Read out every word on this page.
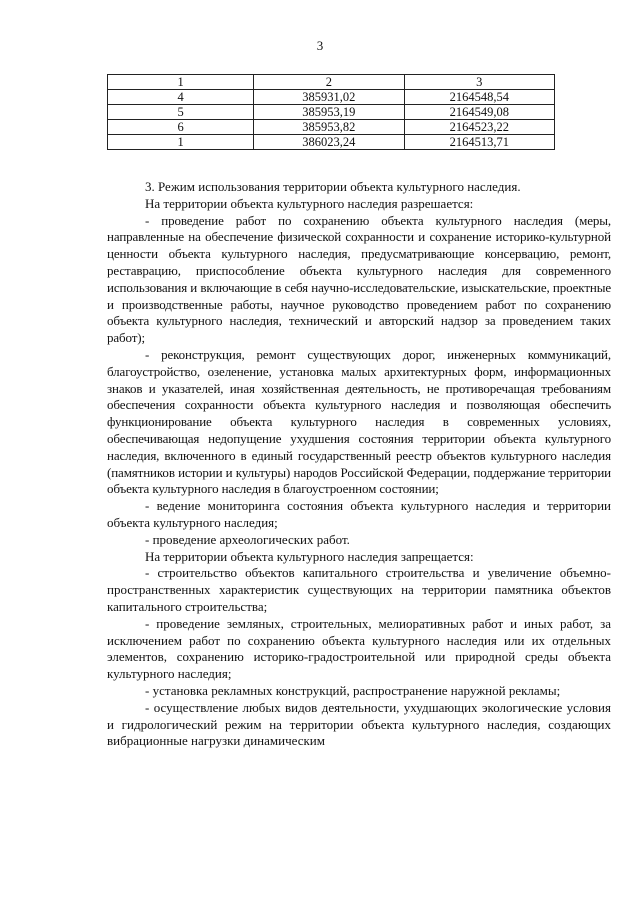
3
1	2	3
4	385931,02	2164548,54
5	385953,19	2164549,08
6	385953,82	2164523,22
1	386023,24	2164513,71

3. Режим использования территории объекта культурного наследия.

На территории объекта культурного наследия разрешается:

- проведение работ по сохранению объекта культурного наследия (меры, направленные на обеспечение физической сохранности и сохранение историко-культурной ценности объекта культурного наследия, предусматривающие консервацию, ремонт, реставрацию, приспособление объекта культурного наследия для современного использования и включающие в себя научно-исследовательские, изыскательские, проектные и производственные работы, научное руководство проведением работ по сохранению объекта культурного наследия, технический и авторский надзор за проведением таких работ);

- реконструкция, ремонт существующих дорог, инженерных коммуникаций, благоустройство, озеленение, установка малых архитектурных форм, информационных знаков и указателей, иная хозяйственная деятельность, не противоречащая требованиям обеспечения сохранности объекта культурного наследия и позволяющая обеспечить функционирование объекта культурного наследия в современных условиях, обеспечивающая недопущение ухудшения состояния территории объекта культурного наследия, включенного в единый государственный реестр объектов культурного наследия (памятников истории и культуры) народов Российской Федерации, поддержание территории объекта культурного наследия в благоустроенном состоянии;

- ведение мониторинга состояния объекта культурного наследия и территории объекта культурного наследия;

- проведение археологических работ.

На территории объекта культурного наследия запрещается:

- строительство объектов капитального строительства и увеличение объемно-пространственных характеристик существующих на территории памятника объектов капитального строительства;

- проведение земляных, строительных, мелиоративных работ и иных работ, за исключением работ по сохранению объекта культурного наследия или их отдельных элементов, сохранению историко-градостроительной или природной среды объекта культурного наследия;

- установка рекламных конструкций, распространение наружной рекламы;

- осуществление любых видов деятельности, ухудшающих экологические условия и гидрологический режим на территории объекта культурного наследия, создающих вибрационные нагрузки динамическим
